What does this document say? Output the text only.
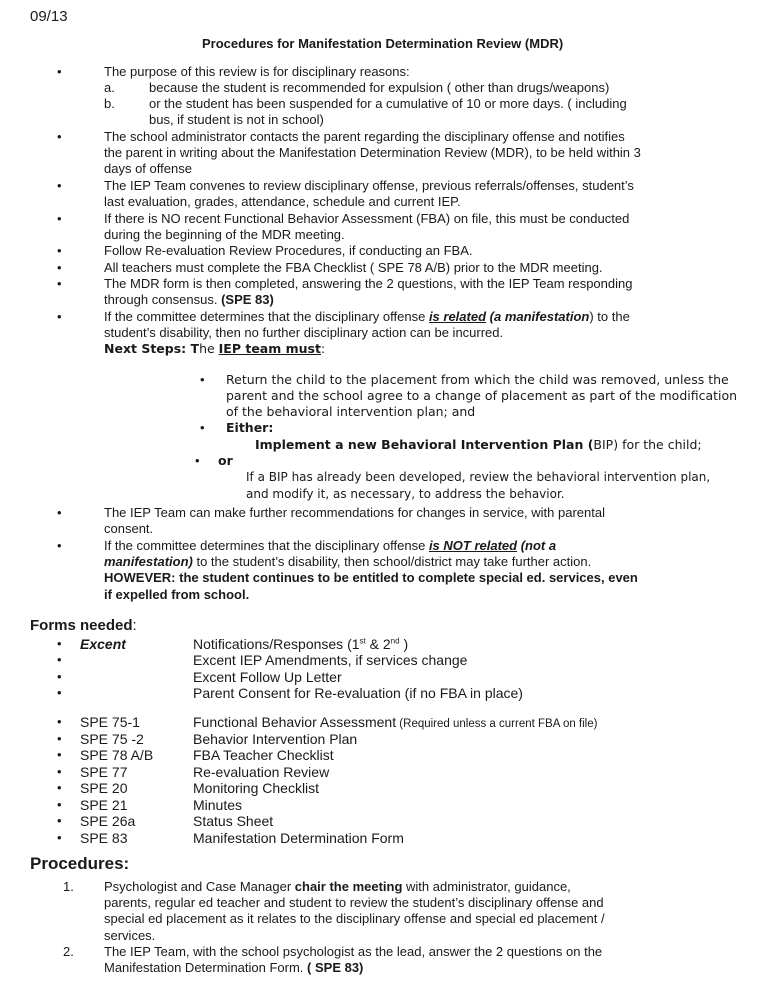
09/13
Procedures for Manifestation Determination Review (MDR)
•	The purpose of this review is for disciplinary reasons:
a.	because the student is recommended for expulsion ( other than drugs/weapons)
b.	or the student has been suspended for a cumulative of 10 or more days. ( including
bus, if student is not in school)
•	The school administrator contacts the parent regarding the disciplinary offense and notifies
the parent in writing about the Manifestation Determination Review (MDR), to be held within 3
days of offense
•	The IEP Team convenes to review disciplinary offense, previous referrals/offenses, student’s
last evaluation, grades, attendance, schedule and current IEP.
•	If there is NO recent Functional Behavior Assessment (FBA) on file, this must be conducted
during the beginning of the MDR meeting.
•	Follow Re-evaluation Review Procedures, if conducting an FBA.
•	All teachers must complete the FBA Checklist ( SPE 78 A/B) prior to the MDR meeting.
•	The MDR form is then completed, answering the 2 questions, with the IEP Team responding
through consensus. (SPE 83)
•	If the committee determines that the disciplinary offense is related (a manifestation) to the
student’s disability, then no further disciplinary action can be incurred.
Next Steps: The IEP team must:
• Return the child to the placement from which the child was removed, unless the
parent and the school agree to a change of placement as part of the modification
of the behavioral intervention plan; and
• Either:
Implement a new Behavioral Intervention Plan (BIP) for the child;
• or
If a BIP has already been developed, review the behavioral intervention plan,
and modify it, as necessary, to address the behavior.
•	The IEP Team can make further recommendations for changes in service, with parental
consent.
•	If the committee determines that the disciplinary offense is NOT related (not a
manifestation) to the student’s disability, then school/district may take further action.
HOWEVER: the student continues to be entitled to complete special ed. services, even
if expelled from school.
Forms needed:
• Excent	Notifications/Responses (1st & 2nd )
•	Excent IEP Amendments, if services change
•	Excent Follow Up Letter
•	Parent Consent for Re-evaluation (if no FBA in place)
• SPE 75-1	Functional Behavior Assessment (Required unless a current FBA on file)
• SPE 75 -2	Behavior Intervention Plan
• SPE 78 A/B	FBA Teacher Checklist
• SPE 77	Re-evaluation Review
• SPE 20	Monitoring Checklist
• SPE 21	Minutes
• SPE 26a	Status Sheet
• SPE 83	Manifestation Determination Form
Procedures:
1. Psychologist and Case Manager chair the meeting with administrator, guidance,
parents, regular ed teacher and student to review the student’s disciplinary offense and
special ed placement as it relates to the disciplinary offense and special ed placement /
services.
2. The IEP Team, with the school psychologist as the lead, answer the 2 questions on the
Manifestation Determination Form. ( SPE 83)
